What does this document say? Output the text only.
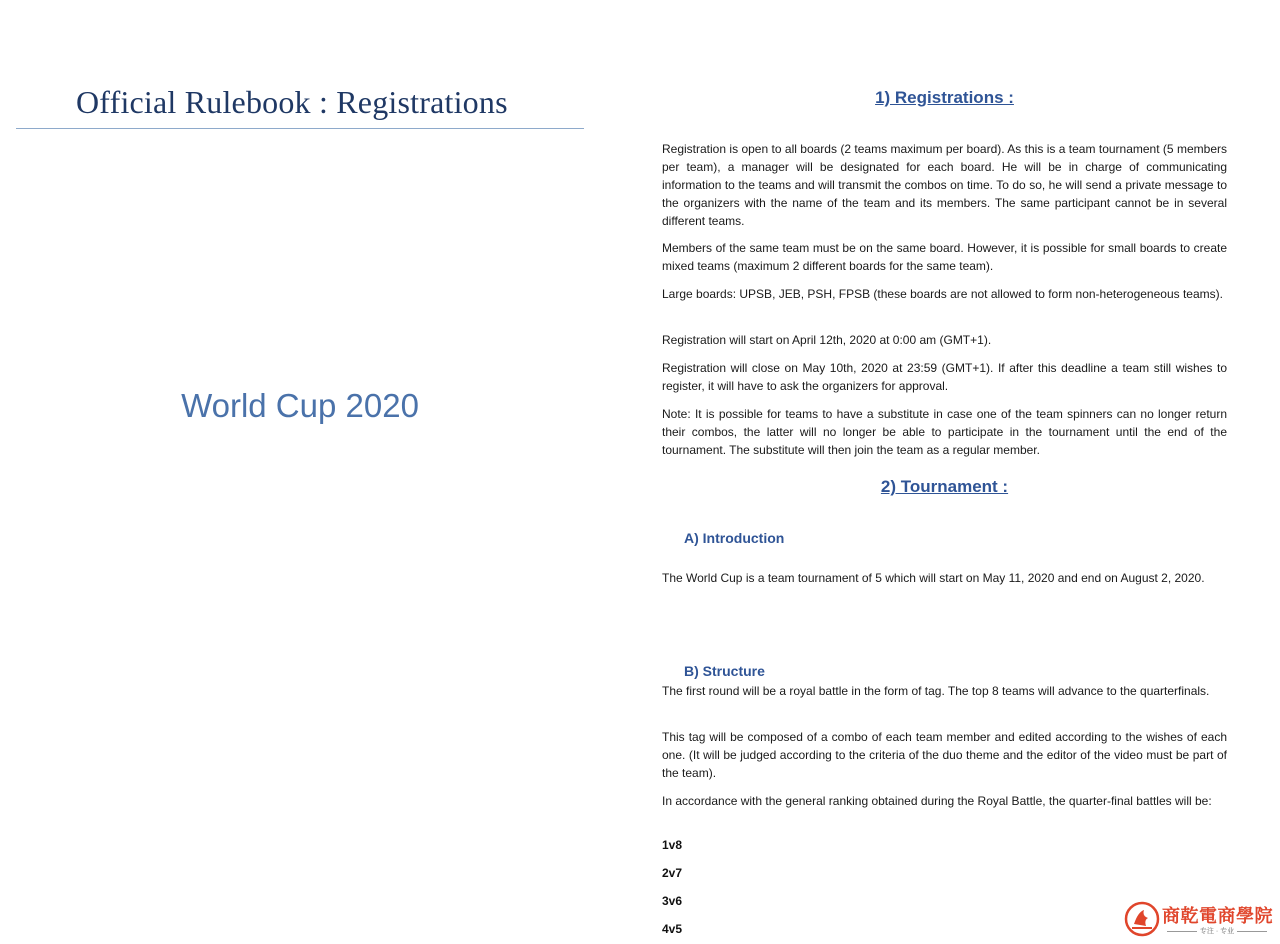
Official Rulebook : Registrations
World Cup 2020
1) Registrations :

Registration is open to all boards (2 teams maximum per board). As this is a team tournament (5 members per team), a manager will be designated for each board. He will be in charge of communicating information to the teams and will transmit the combos on time. To do so, he will send a private message to the organizers with the name of the team and its members. The same participant cannot be in several different teams.

Members of the same team must be on the same board. However, it is possible for small boards to create mixed teams (maximum 2 different boards for the same team).

Large boards: UPSB, JEB, PSH, FPSB (these boards are not allowed to form non-heterogeneous teams).

Registration will start on April 12th, 2020 at 0:00 am (GMT+1).

Registration will close on May 10th, 2020 at 23:59 (GMT+1). If after this deadline a team still wishes to register, it will have to ask the organizers for approval.

Note: It is possible for teams to have a substitute in case one of the team spinners can no longer return their combos, the latter will no longer be able to participate in the tournament until the end of the tournament. The substitute will then join the team as a regular member.

2) Tournament :
A) Introduction

The World Cup is a team tournament of 5 which will start on May 11, 2020 and end on August 2, 2020.

B) Structure

The first round will be a royal battle in the form of tag. The top 8 teams will advance to the quarterfinals.

This tag will be composed of a combo of each team member and edited according to the wishes of each one. (It will be judged according to the criteria of the duo theme and the editor of the video must be part of the team).

In accordance with the general ranking obtained during the Royal Battle, the quarter-final battles will be:

1v8
2v7
3v6
4v5
商乾電商學院
专注 · 专业
